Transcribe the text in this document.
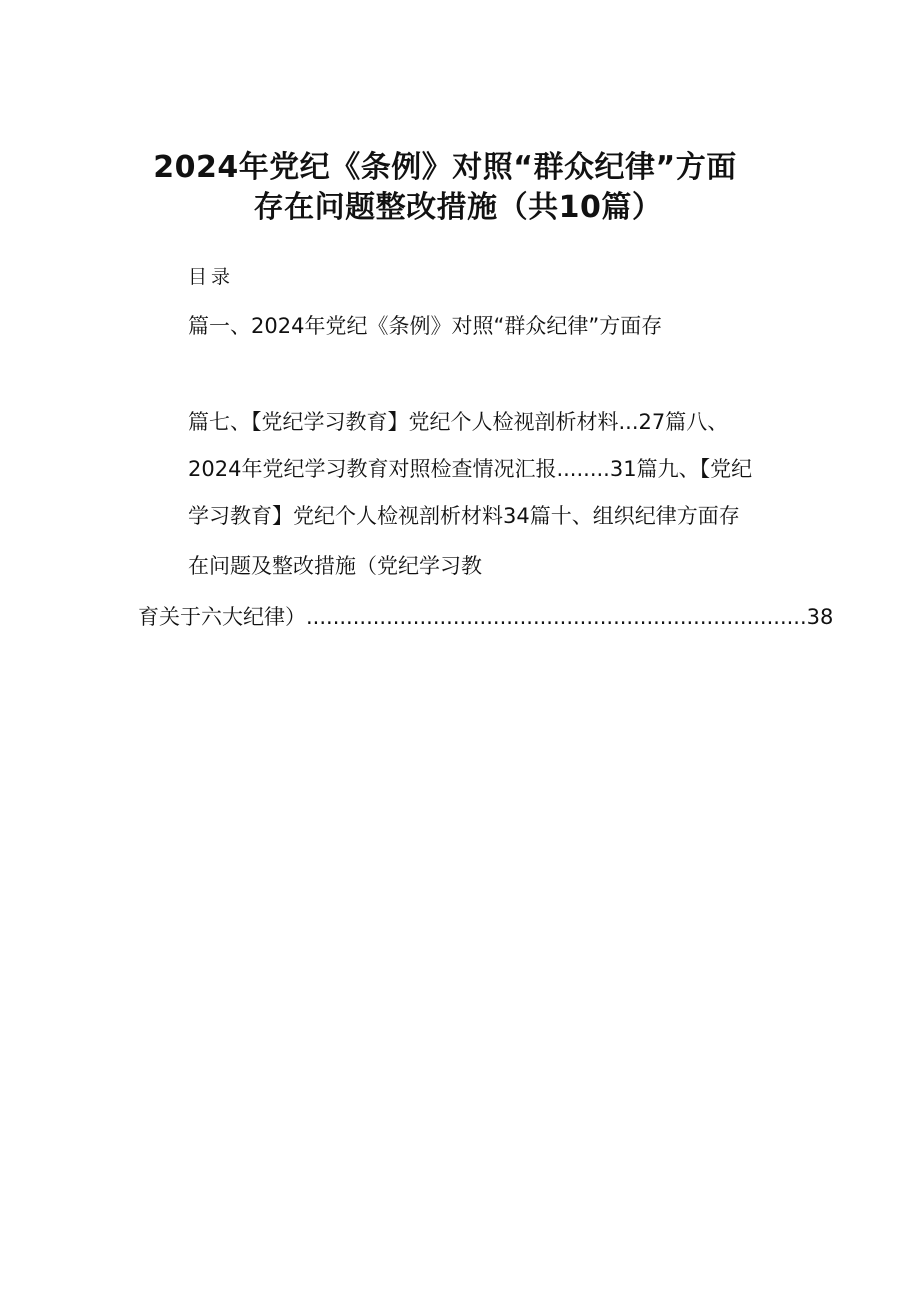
2024年党纪《条例》对照“群众纪律”方面
存在问题整改措施（共10篇）
目录
篇一、2024年党纪《条例》对照“群众纪律”方面存
篇七、【党纪学习教育】党纪个人检视剖析材料...27篇八、
2024年党纪学习教育对照检查情况汇报........31篇九、【党纪
学习教育】党纪个人检视剖析材料34篇十、组织纪律方面存
在问题及整改措施（党纪学习教
育关于六大纪律）...........................................................................38
